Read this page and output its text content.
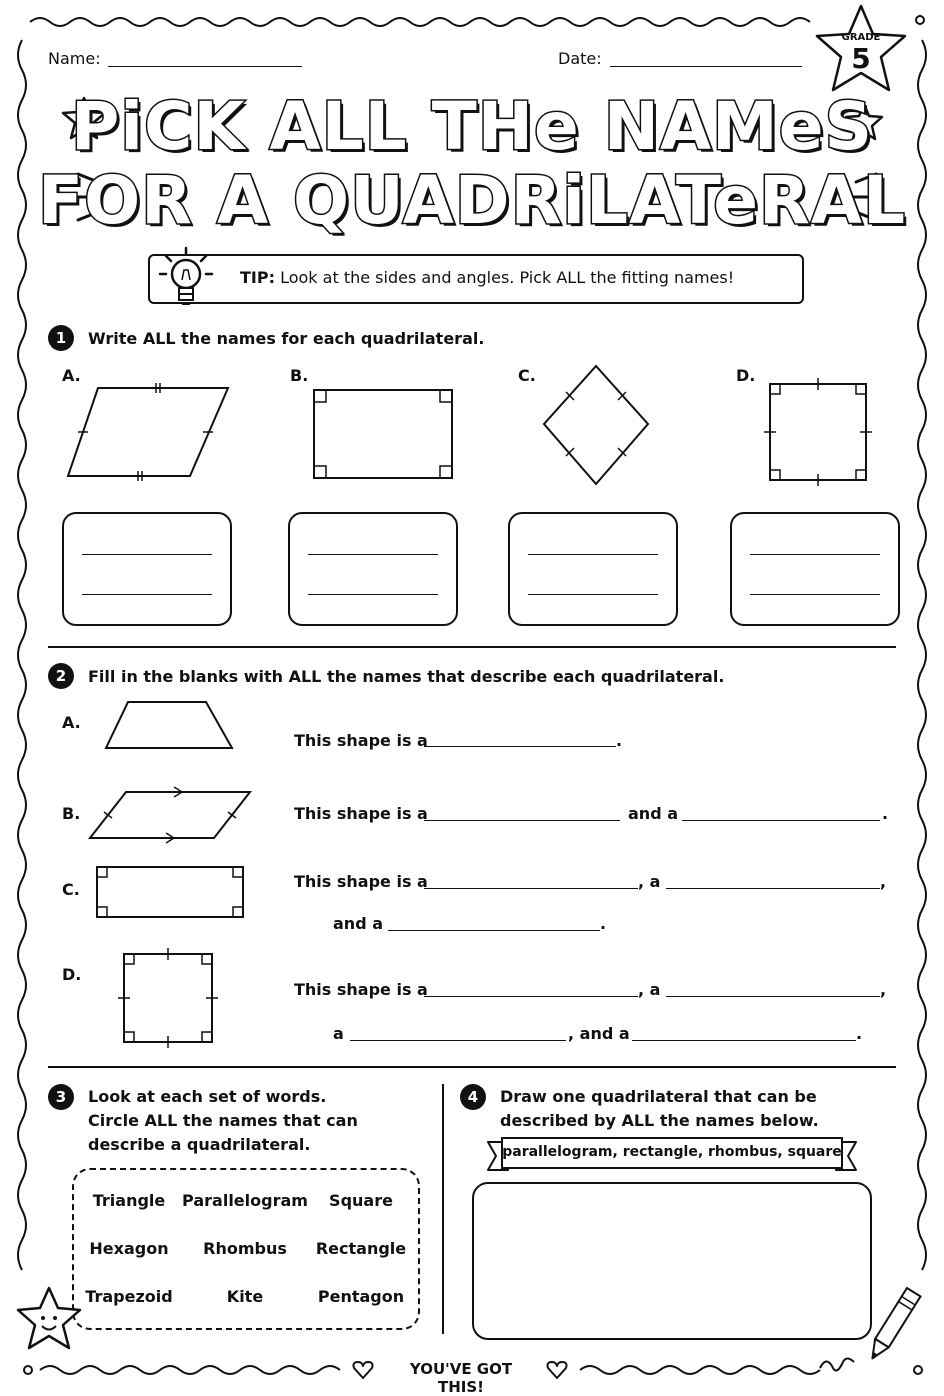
Name:	Date:
GRADE
5
PiCK ALL THe NAMeS
FOR A QUADRiLATeRAL
TIP: Look at the sides and angles. Pick ALL the fitting names!
1	Write ALL the names for each quadrilateral.
A.	B.	C.	D.
2	Fill in the blanks with ALL the names that describe each quadrilateral.
A.
This shape is a	.
B.	This shape is a	and a	.
C.	This shape is a	, a	,
and a	.
D.
This shape is a	, a	,
a	, and a	.
3	Look at each set of words.
Circle ALL the names that can
describe a quadrilateral.
Triangle	Parallelogram	Square
Hexagon	Rhombus	Rectangle
Trapezoid	Kite	Pentagon
4	Draw one quadrilateral that can be
described by ALL the names below.
parallelogram, rectangle, rhombus, square
YOU'VE GOT THIS!
